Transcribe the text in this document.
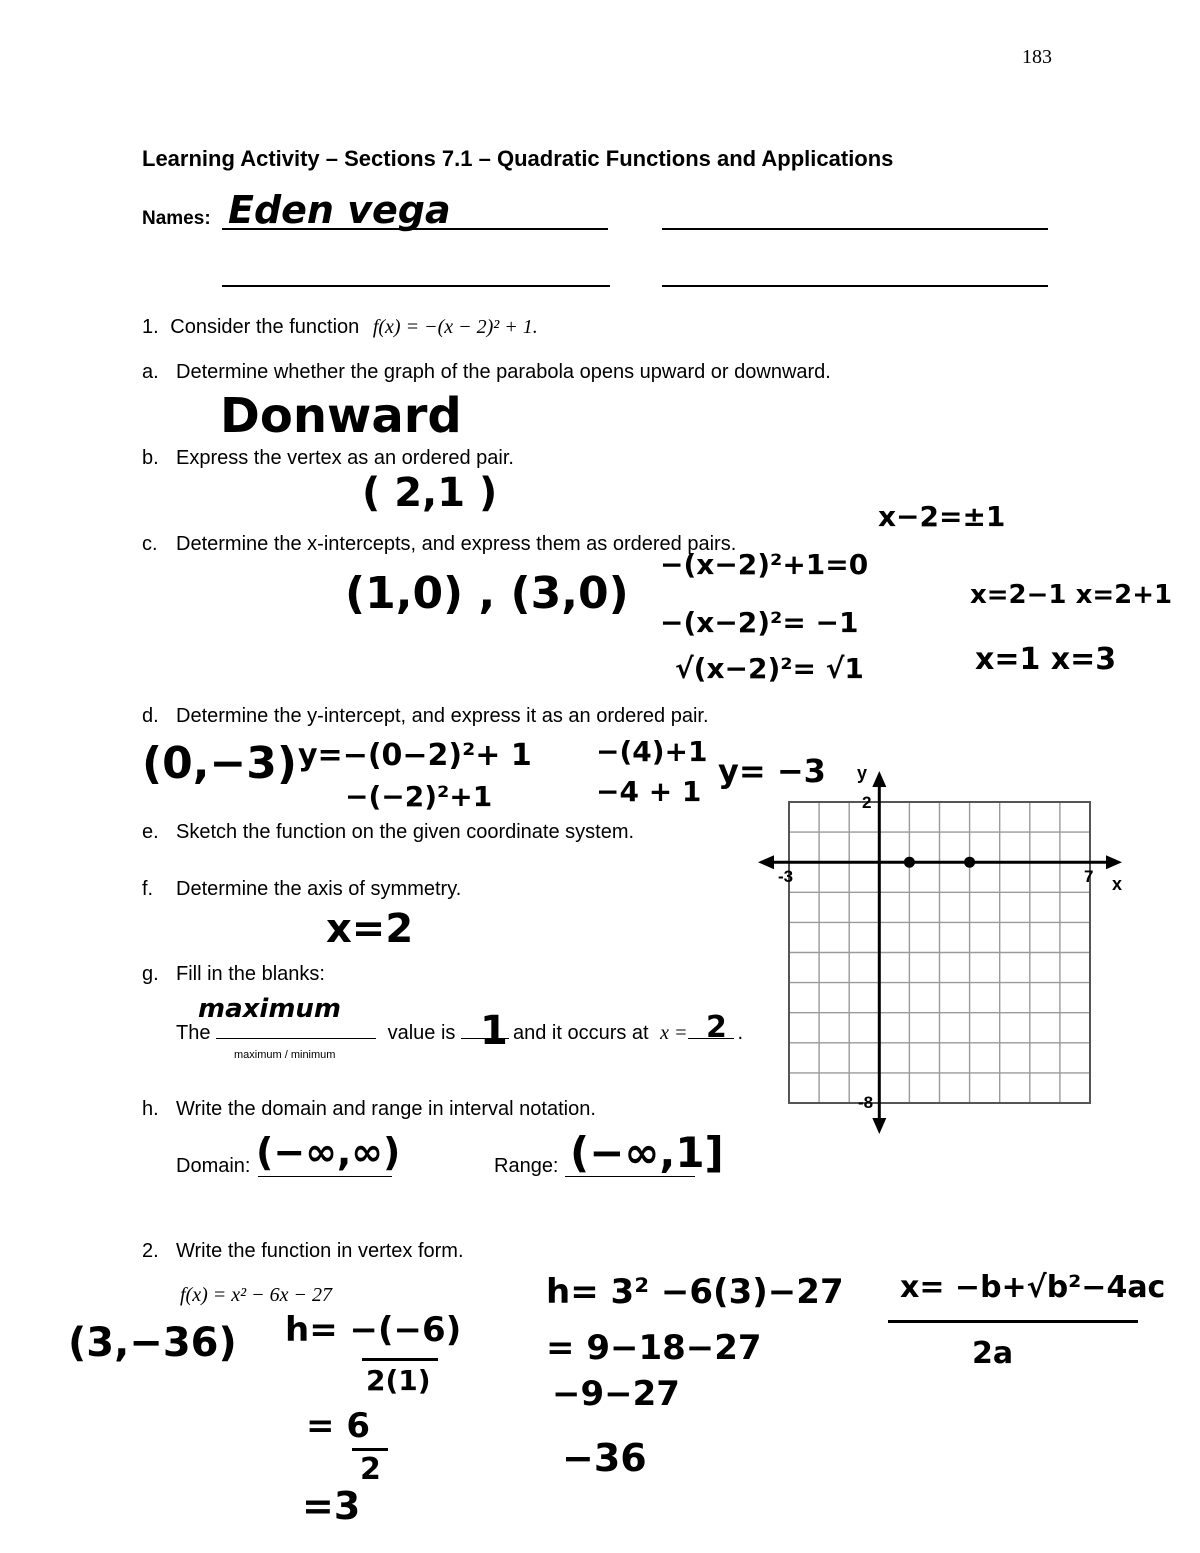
183
Learning Activity – Sections 7.1 – Quadratic Functions and Applications
Names: Eden vega
1. Consider the function f(x) = −(x − 2)² + 1.
a. Determine whether the graph of the parabola opens upward or downward.
Donward
b. Express the vertex as an ordered pair.
( 2,1 )
c. Determine the x-intercepts, and express them as ordered pairs.
(1,0) , (3,0)
−(x−2)²+1=0
−(x−2)²= −1
√(x−2)²= √1
x−2=±1
x=2−1 x=2+1
x=1 x=3
d. Determine the y-intercept, and express it as an ordered pair.
(0,−3) y=−(0−2)²+ 1
−(−2)²+1
−(4)+1
−4 + 1
y= −3
e. Sketch the function on the given coordinate system.
f. Determine the axis of symmetry.
x=2
g. Fill in the blanks:
maximum
The	value is	and it occurs at x =	.
maximum / minimum
1	2
h. Write the domain and range in interval notation.
Domain: (−∞,∞)	Range: (−∞,1]
y
x
-3	7
2
-8
2. Write the function in vertex form.
f(x) = x² − 6x − 27
(3,−36) h= −(−6)
2(1)
= 6
2
=3
h= 3² −6(3)−27
= 9−18−27
−9−27
−36
x= −b+√b²−4ac
2a
